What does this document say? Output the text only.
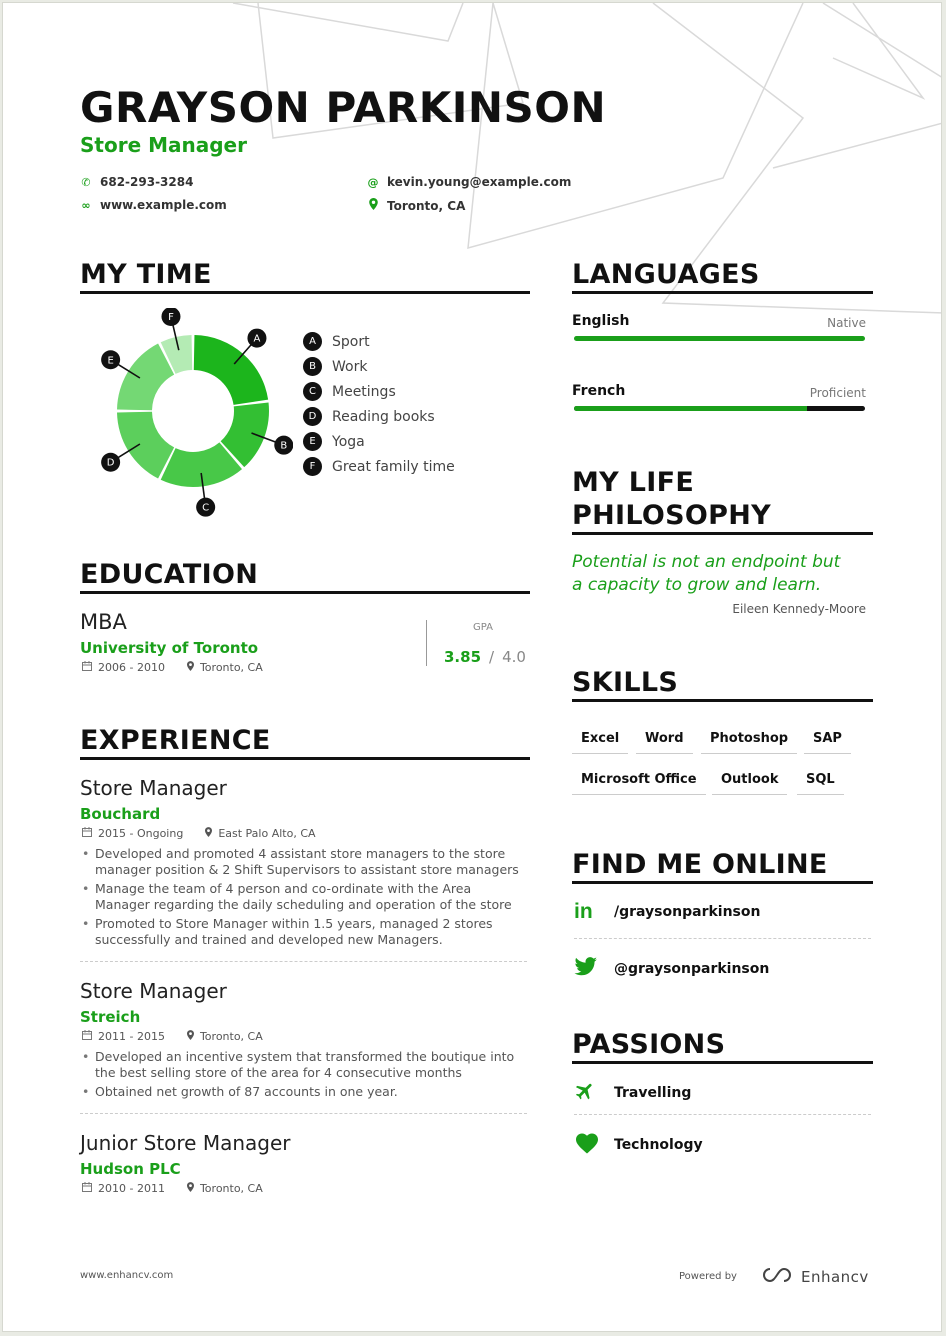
GRAYSON PARKINSON
Store Manager
✆ 682-293-3284
∞ www.example.com
@ kevin.young@example.com
Toronto, CA
MY TIME
A
B
C
D
E
F
A	Sport
B	Work
C	Meetings
D	Reading books
E	Yoga
F	Great family time
EDUCATION
MBA
University of Toronto
2006 - 2010	Toronto, CA
GPA
3.85 / 4.0
EXPERIENCE
Store Manager
Bouchard
2015 - Ongoing	East Palo Alto, CA
• Developed and promoted 4 assistant store managers to the store manager position & 2 Shift Supervisors to assistant store managers
• Manage the team of 4 person and co-ordinate with the Area Manager regarding the daily scheduling and operation of the store
• Promoted to Store Manager within 1.5 years, managed 2 stores successfully and trained and developed new Managers.
Store Manager
Streich
2011 - 2015	Toronto, CA
• Developed an incentive system that transformed the boutique into the best selling store of the area for 4 consecutive months
• Obtained net growth of 87 accounts in one year.
Junior Store Manager
Hudson PLC
2010 - 2011	Toronto, CA
LANGUAGES
English	Native
French	Proficient
MY LIFE
PHILOSOPHY
Potential is not an endpoint but
a capacity to grow and learn.
Eileen Kennedy-Moore
SKILLS
Excel	Word	Photoshop	SAP
Microsoft Office	Outlook	SQL
FIND ME ONLINE
in	/graysonparkinson
@graysonparkinson
PASSIONS
Travelling
Technology
www.enhancv.com	Powered by	Enhancv
